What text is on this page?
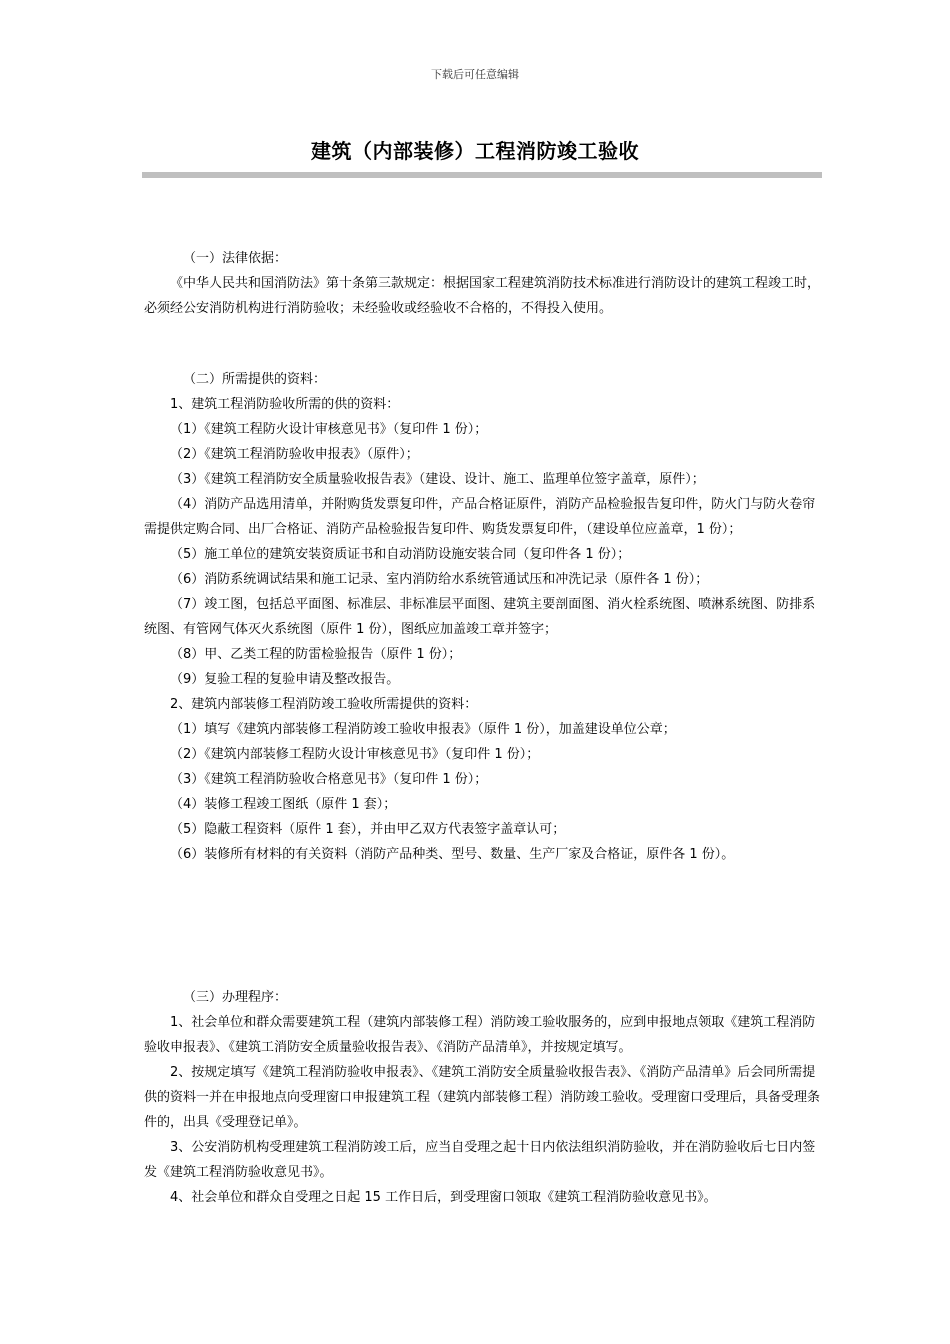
下载后可任意编辑
建筑（内部装修）工程消防竣工验收

（一）法律依据：

《中华人民共和国消防法》第十条第三款规定：根据国家工程建筑消防技术标准进行消防设计的建筑工程竣工时，必须经公安消防机构进行消防验收；未经验收或经验收不合格的，不得投入使用。

（二）所需提供的资料：

1、建筑工程消防验收所需的供的资料：

（1）《建筑工程防火设计审核意见书》（复印件 1 份）；

（2）《建筑工程消防验收申报表》（原件）；

（3）《建筑工程消防安全质量验收报告表》（建设、设计、施工、监理单位签字盖章，原件）；

（4）消防产品选用清单，并附购货发票复印件，产品合格证原件，消防产品检验报告复印件，防火门与防火卷帘需提供定购合同、出厂合格证、消防产品检验报告复印件、购货发票复印件，（建设单位应盖章，1 份）；

（5）施工单位的建筑安装资质证书和自动消防设施安装合同（复印件各 1 份）；

（6）消防系统调试结果和施工记录、室内消防给水系统管通试压和冲洗记录（原件各 1 份）；

（7）竣工图，包括总平面图、标准层、非标准层平面图、建筑主要剖面图、消火栓系统图、喷淋系统图、防排系统图、有管网气体灭火系统图（原件 1 份），图纸应加盖竣工章并签字；

（8）甲、乙类工程的防雷检验报告（原件 1 份）；

（9）复验工程的复验申请及整改报告。

2、建筑内部装修工程消防竣工验收所需提供的资料：

（1）填写《建筑内部装修工程消防竣工验收申报表》（原件 1 份），加盖建设单位公章；

（2）《建筑内部装修工程防火设计审核意见书》（复印件 1 份）；

（3）《建筑工程消防验收合格意见书》（复印件 1 份）；

（4）装修工程竣工图纸（原件 1 套）；

（5）隐蔽工程资料（原件 1 套），并由甲乙双方代表签字盖章认可；

（6）装修所有材料的有关资料（消防产品种类、型号、数量、生产厂家及合格证，原件各 1 份）。

（三）办理程序：

1、社会单位和群众需要建筑工程（建筑内部装修工程）消防竣工验收服务的，应到申报地点领取《建筑工程消防验收申报表》、《建筑工消防安全质量验收报告表》、《消防产品清单》，并按规定填写。

2、按规定填写《建筑工程消防验收申报表》、《建筑工消防安全质量验收报告表》、《消防产品清单》后会同所需提供的资料一并在申报地点向受理窗口申报建筑工程（建筑内部装修工程）消防竣工验收。受理窗口受理后，具备受理条件的，出具《受理登记单》。

3、公安消防机构受理建筑工程消防竣工后，应当自受理之起十日内依法组织消防验收，并在消防验收后七日内签发《建筑工程消防验收意见书》。

4、社会单位和群众自受理之日起 15 工作日后，到受理窗口领取《建筑工程消防验收意见书》。
